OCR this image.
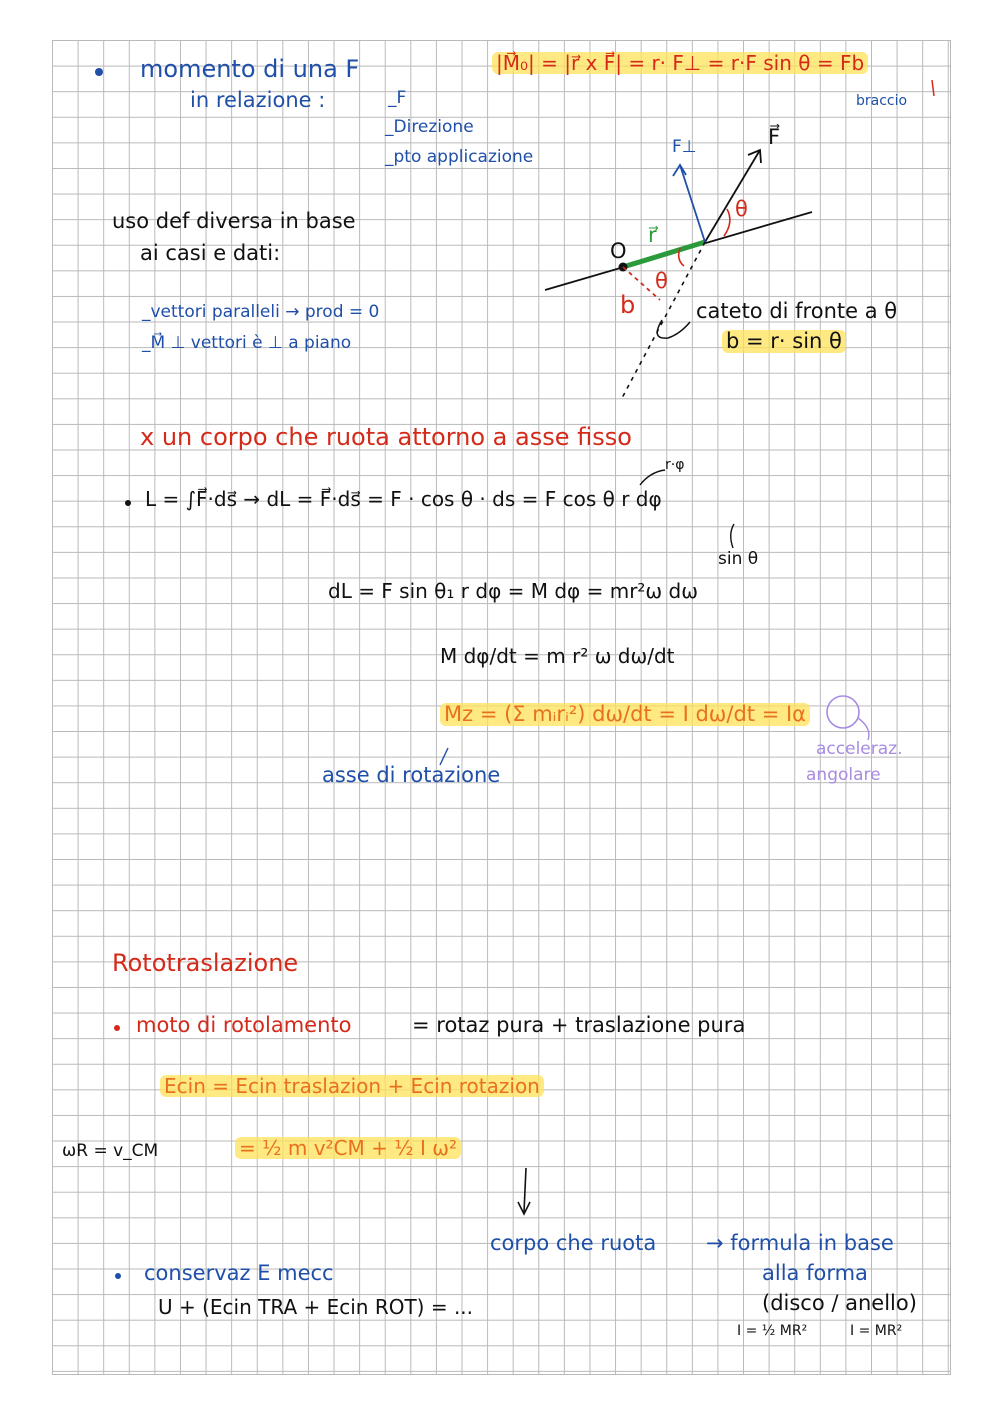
momento di una F
in relazione :	_F
_Direzione
_pto applicazione
|M⃗₀| = |r⃗ x F⃗| = r· F⊥ = r·F sin θ = Fb
braccio
uso def diversa in base
ai casi e dati:
_vettori paralleli → prod = 0
_M⃗ ⊥ vettori è ⊥ a piano
F⊥	F⃗
θ
r⃗
O
θ
b	cateto di fronte a θ
b = r· sin θ
x un corpo che ruota attorno a asse fisso
r·φ
L = ∫F⃗·ds⃗ → dL = F⃗·ds⃗ = F · cos θ · ds = F cos θ r dφ
sin θ
dL = F sin θ₁ r dφ = M dφ = mr²ω dω
M dφ/dt = m r² ω dω/dt
Mz = (Σ mᵢrᵢ²) dω/dt = I dω/dt = Iα
asse di rotazione
acceleraz.
angolare
Rototraslazione
moto di rotolamento	= rotaz pura + traslazione pura
Ecin = Ecin traslazion + Ecin rotazion
ωR = v_CM	= ½ m v²CM + ½ I ω²
corpo che ruota → formula in base
alla forma
(disco / anello)
I = ½ MR²	I = MR²
conservaz E mecc
U + (Ecin TRA + Ecin ROT) = ...
